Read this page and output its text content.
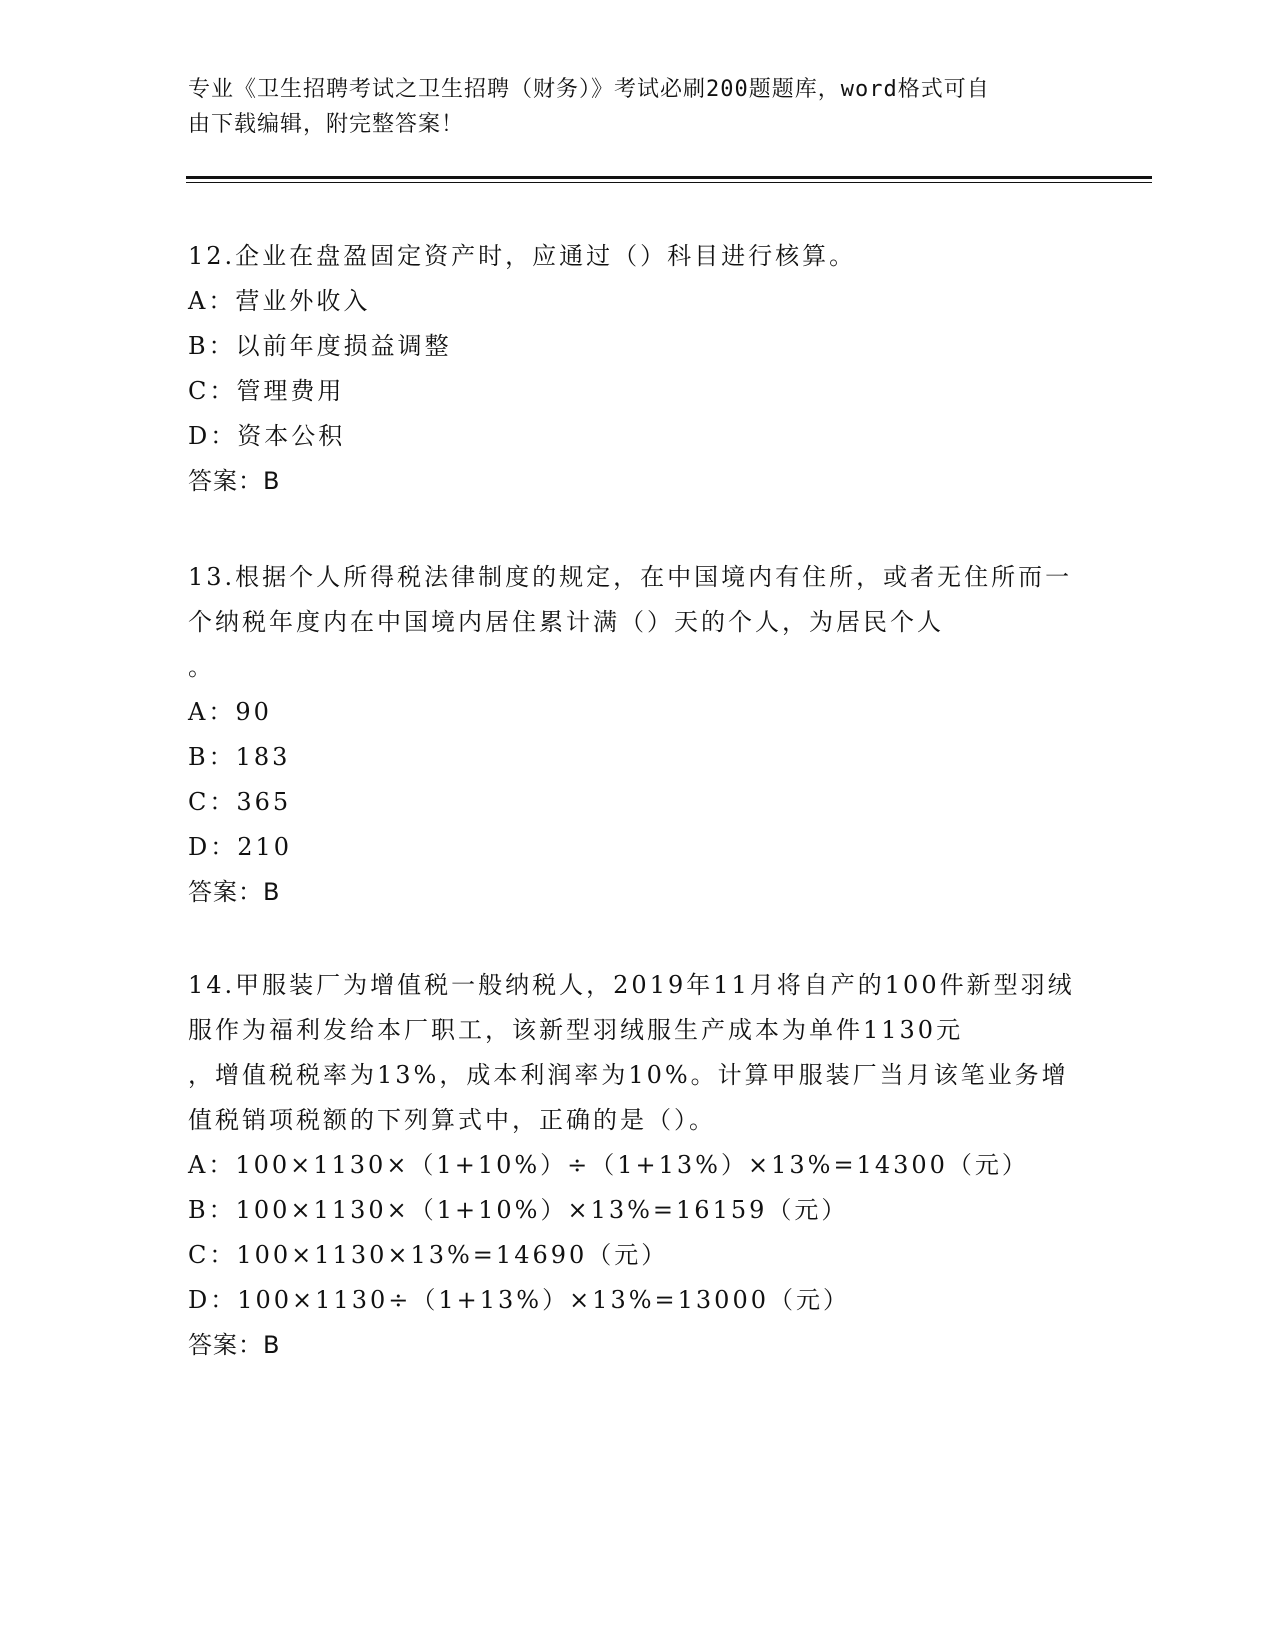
专业《卫生招聘考试之卫生招聘（财务）》考试必刷200题题库，word格式可自
由下载编辑，附完整答案！

12.企业在盘盈固定资产时，应通过（）科目进行核算。

A：营业外收入

B：以前年度损益调整

C：管理费用

D：资本公积

答案：B

13.根据个人所得税法律制度的规定，在中国境内有住所，或者无住所而一个纳税年度内在中国境内居住累计满（）天的个人，为居民个人
。

A：90

B：183

C：365

D：210

答案：B

14.甲服装厂为增值税一般纳税人，2019年11月将自产的100件新型羽绒服作为福利发给本厂职工，该新型羽绒服生产成本为单件1130元
，增值税税率为13%，成本利润率为10%。计算甲服装厂当月该笔业务增值税销项税额的下列算式中，正确的是（）。

A：100×1130×（1+10%）÷（1+13%）×13%=14300（元）

B：100×1130×（1+10%）×13%=16159（元）

C：100×1130×13%=14690（元）

D：100×1130÷（1+13%）×13%=13000（元）

答案：B
